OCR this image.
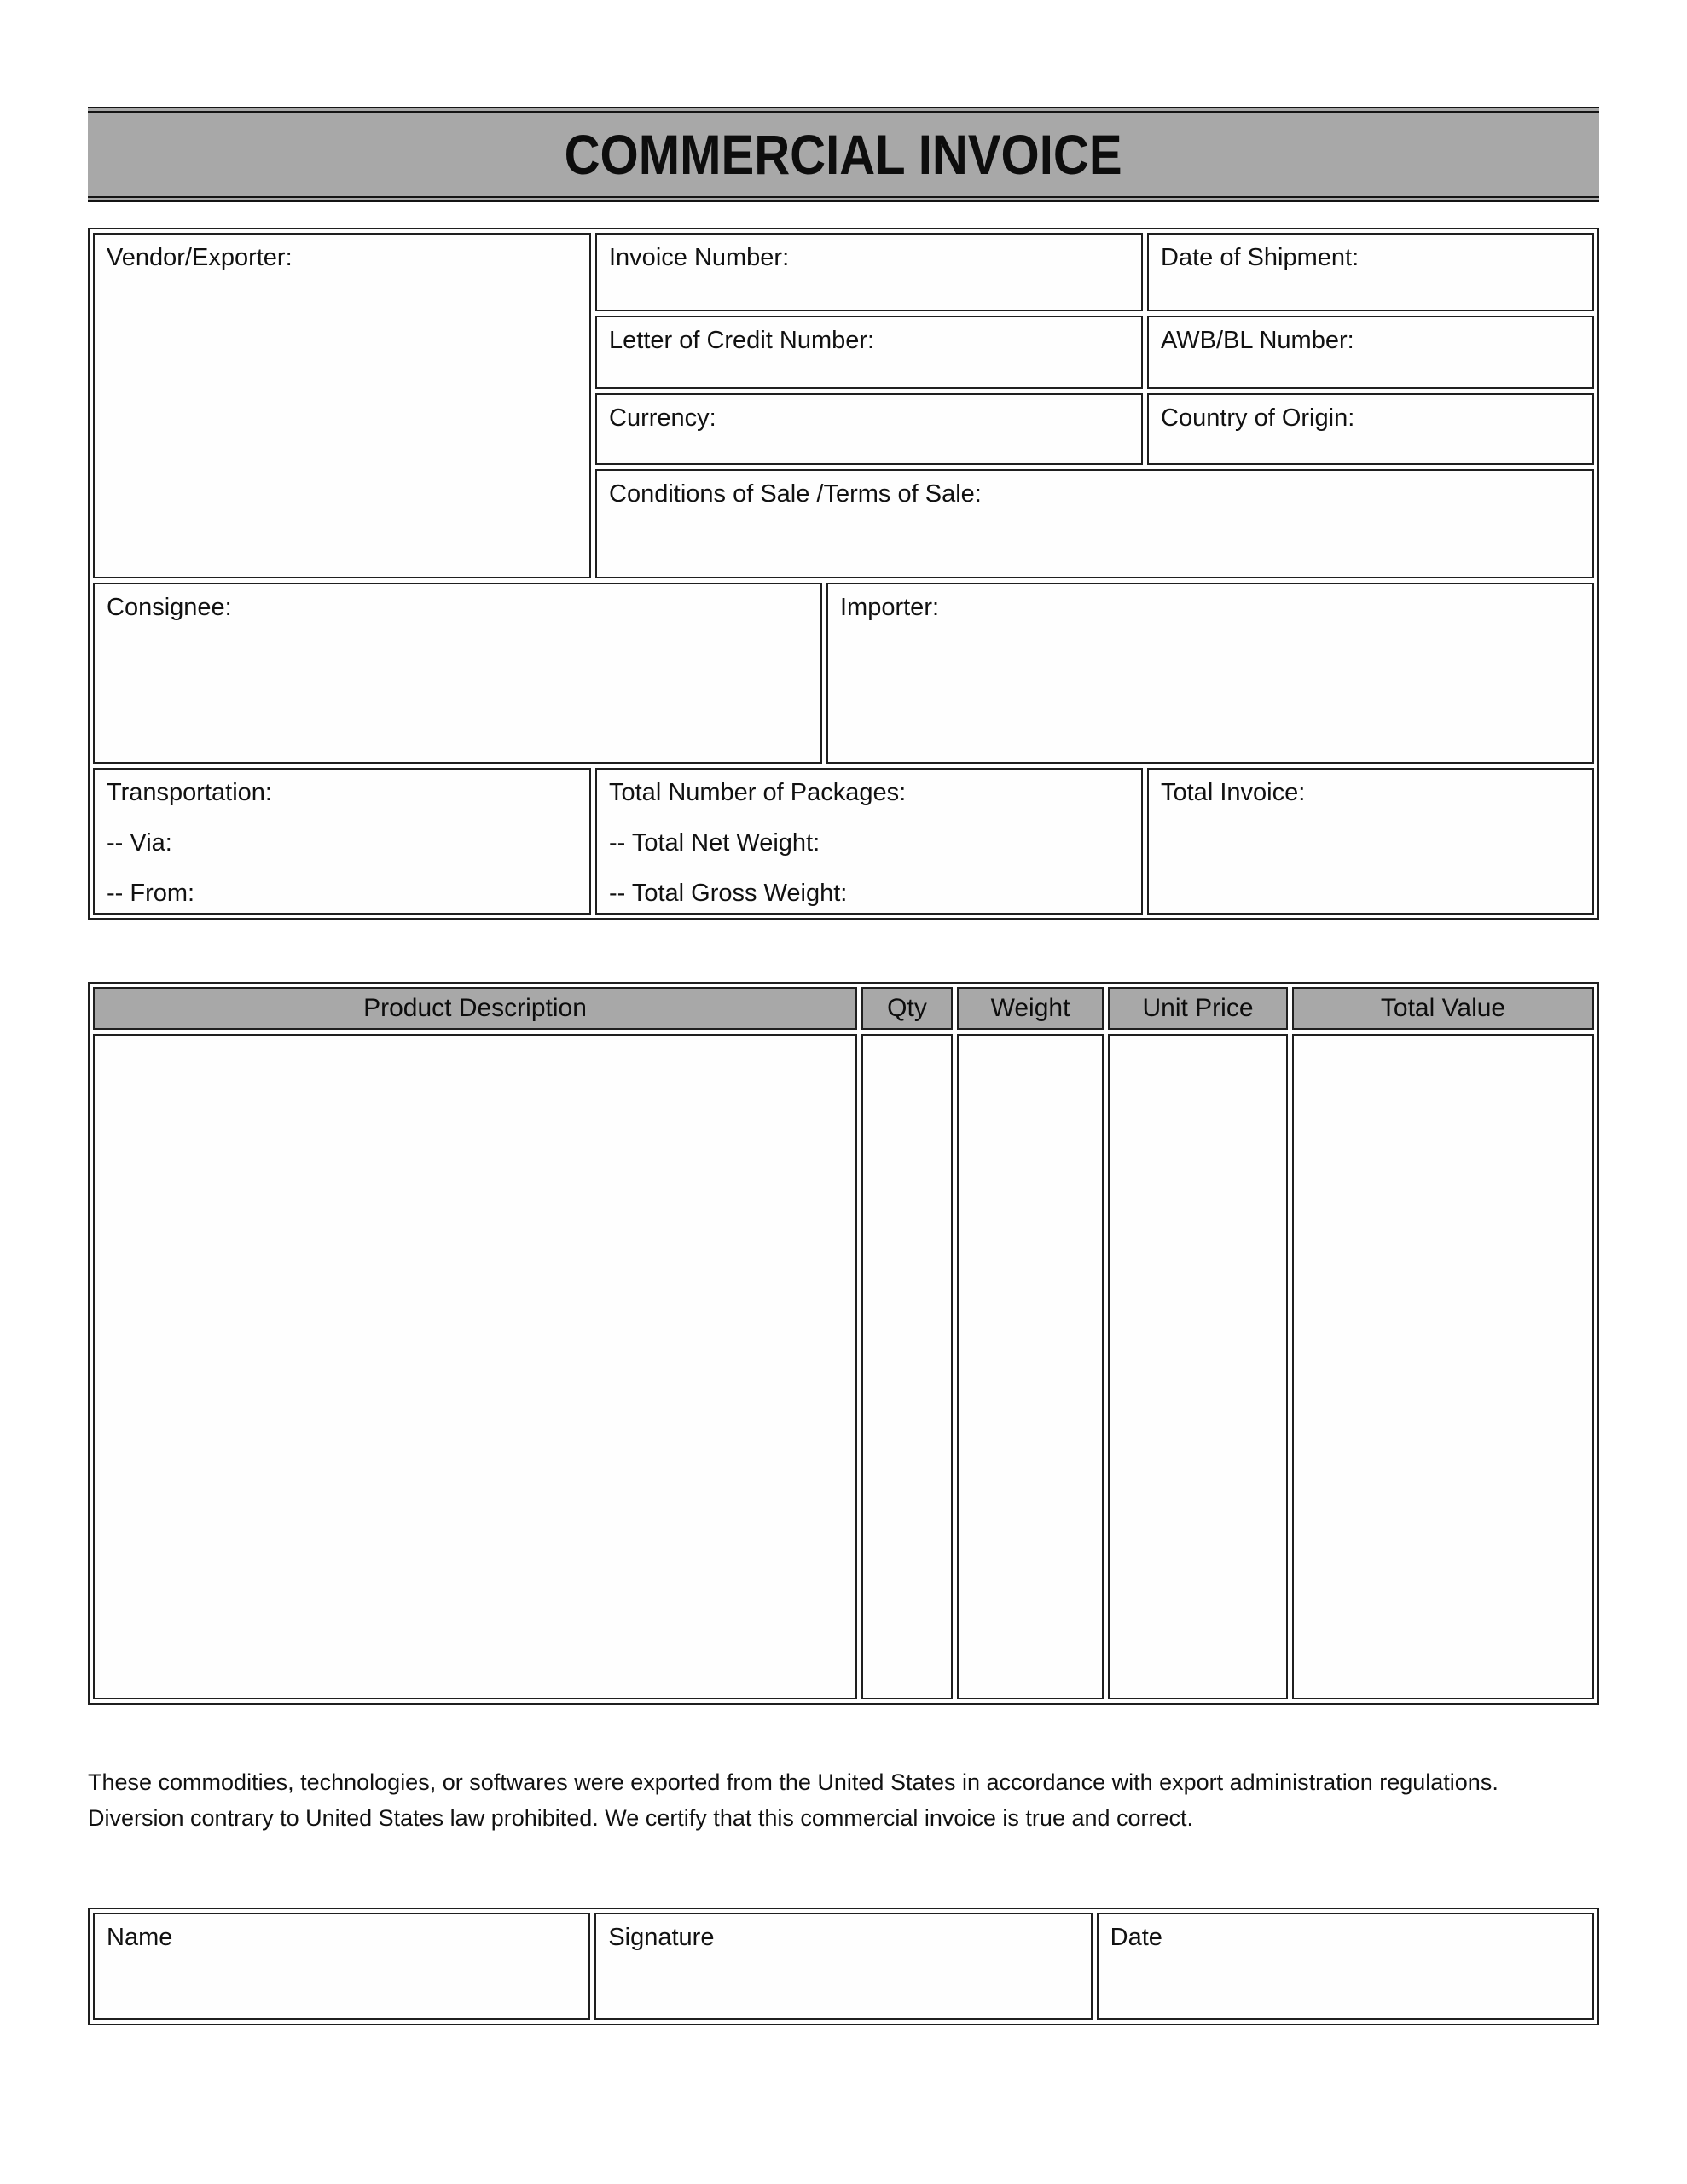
COMMERCIAL INVOICE
Vendor/Exporter:	Invoice Number:	Date of Shipment:
Letter of Credit Number:	AWB/BL Number:
Currency:	Country of Origin:
Conditions of Sale /Terms of Sale:
Consignee:	Importer:

Transportation:

-- Via:

-- From:

Total Number of Packages:

-- Total Net Weight:

-- Total Gross Weight:

Total Invoice:
Product Description	Qty	Weight	Unit Price	Total Value
These commodities, technologies, or softwares were exported from the United States in accordance with export administration regulations.
Diversion contrary to United States law prohibited. We certify that this commercial invoice is true and correct.
Name	Signature	Date
